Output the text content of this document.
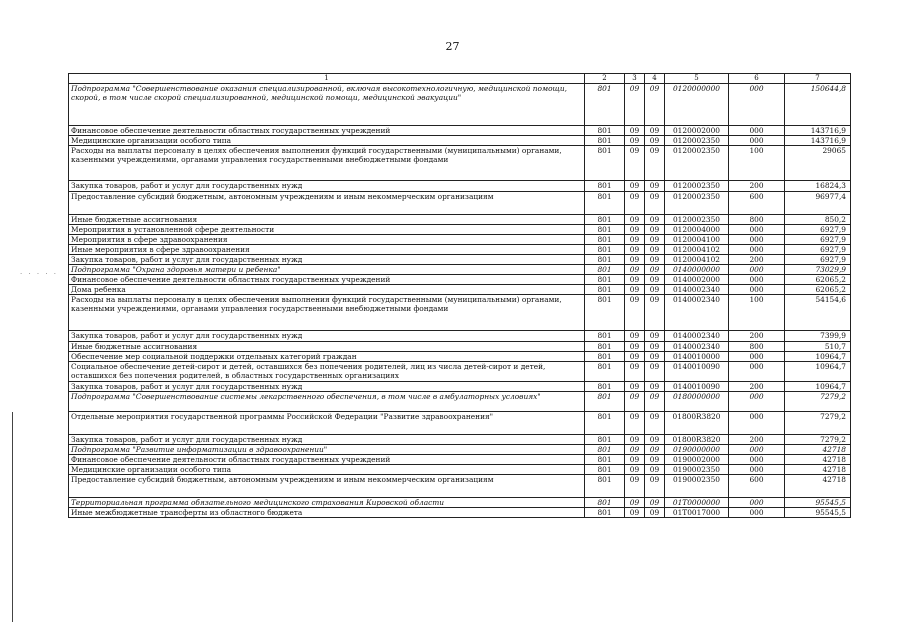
27
· · · · ·
1	2	3	4	5	6	7
Подпрограмма "Совершенствование оказания специализированной, включая высокотехнологичную, медицинской помощи, скорой, в том числе скорой специализированной, медицинской помощи, медицинской эвакуации"	801	09	09	0120000000	000	150644,8
Финансовое обеспечение деятельности областных государственных учреждений	801	09	09	0120002000	000	143716,9
Медицинские организации особого типа	801	09	09	0120002350	000	143716,9
Расходы на выплаты персоналу в целях обеспечения выполнения функций государственными (муниципальными) органами, казенными учреждениями, органами управления государственными внебюджетными фондами	801	09	09	0120002350	100	29065
Закупка товаров, работ и услуг для государственных нужд	801	09	09	0120002350	200	16824,3
Предоставление субсидий бюджетным, автономным учреждениям и иным некоммерческим организациям	801	09	09	0120002350	600	96977,4
Иные бюджетные ассигнования	801	09	09	0120002350	800	850,2
Мероприятия в установленной сфере деятельности	801	09	09	0120004000	000	6927,9
Мероприятия в сфере здравоохранения	801	09	09	0120004100	000	6927,9
Иные мероприятия в сфере здравоохранения	801	09	09	0120004102	000	6927,9
Закупка товаров, работ и услуг для государственных нужд	801	09	09	0120004102	200	6927,9
Подпрограмма "Охрана здоровья матери и ребенка"	801	09	09	0140000000	000	73029,9
Финансовое обеспечение деятельности областных государственных учреждений	801	09	09	0140002000	000	62065,2
Дома ребенка	801	09	09	0140002340	000	62065,2
Расходы на выплаты персоналу в целях обеспечения выполнения функций государственными (муниципальными) органами, казенными учреждениями, органами управления государственными внебюджетными фондами	801	09	09	0140002340	100	54154,6
Закупка товаров, работ и услуг для государственных нужд	801	09	09	0140002340	200	7399,9
Иные бюджетные ассигнования	801	09	09	0140002340	800	510,7
Обеспечение мер социальной поддержки отдельных категорий граждан	801	09	09	0140010000	000	10964,7
Социальное обеспечение детей-сирот и детей, оставшихся без попечения родителей, лиц из числа детей-сирот и детей, оставшихся без попечения родителей, в областных государственных организациях	801	09	09	0140010090	000	10964,7
Закупка товаров, работ и услуг для государственных нужд	801	09	09	0140010090	200	10964,7
Подпрограмма "Совершенствование системы лекарственного обеспечения, в том числе в амбулаторных условиях"	801	09	09	0180000000	000	7279,2
Отдельные мероприятия государственной программы Российской Федерации "Развитие здравоохранения"	801	09	09	01800R3820	000	7279,2
Закупка товаров, работ и услуг для государственных нужд	801	09	09	01800R3820	200	7279,2
Подпрограмма "Развитие информатизации в здравоохранении"	801	09	09	0190000000	000	42718
Финансовое обеспечение деятельности областных государственных учреждений	801	09	09	0190002000	000	42718
Медицинские организации особого типа	801	09	09	0190002350	000	42718
Предоставление субсидий бюджетным, автономным учреждениям и иным некоммерческим организациям	801	09	09	0190002350	600	42718
Территориальная программа обязательного медицинского страхования Кировской области	801	09	09	01Т0000000	000	95545,5
Иные межбюджетные трансферты из областного бюджета	801	09	09	01Т0017000	000	95545,5
